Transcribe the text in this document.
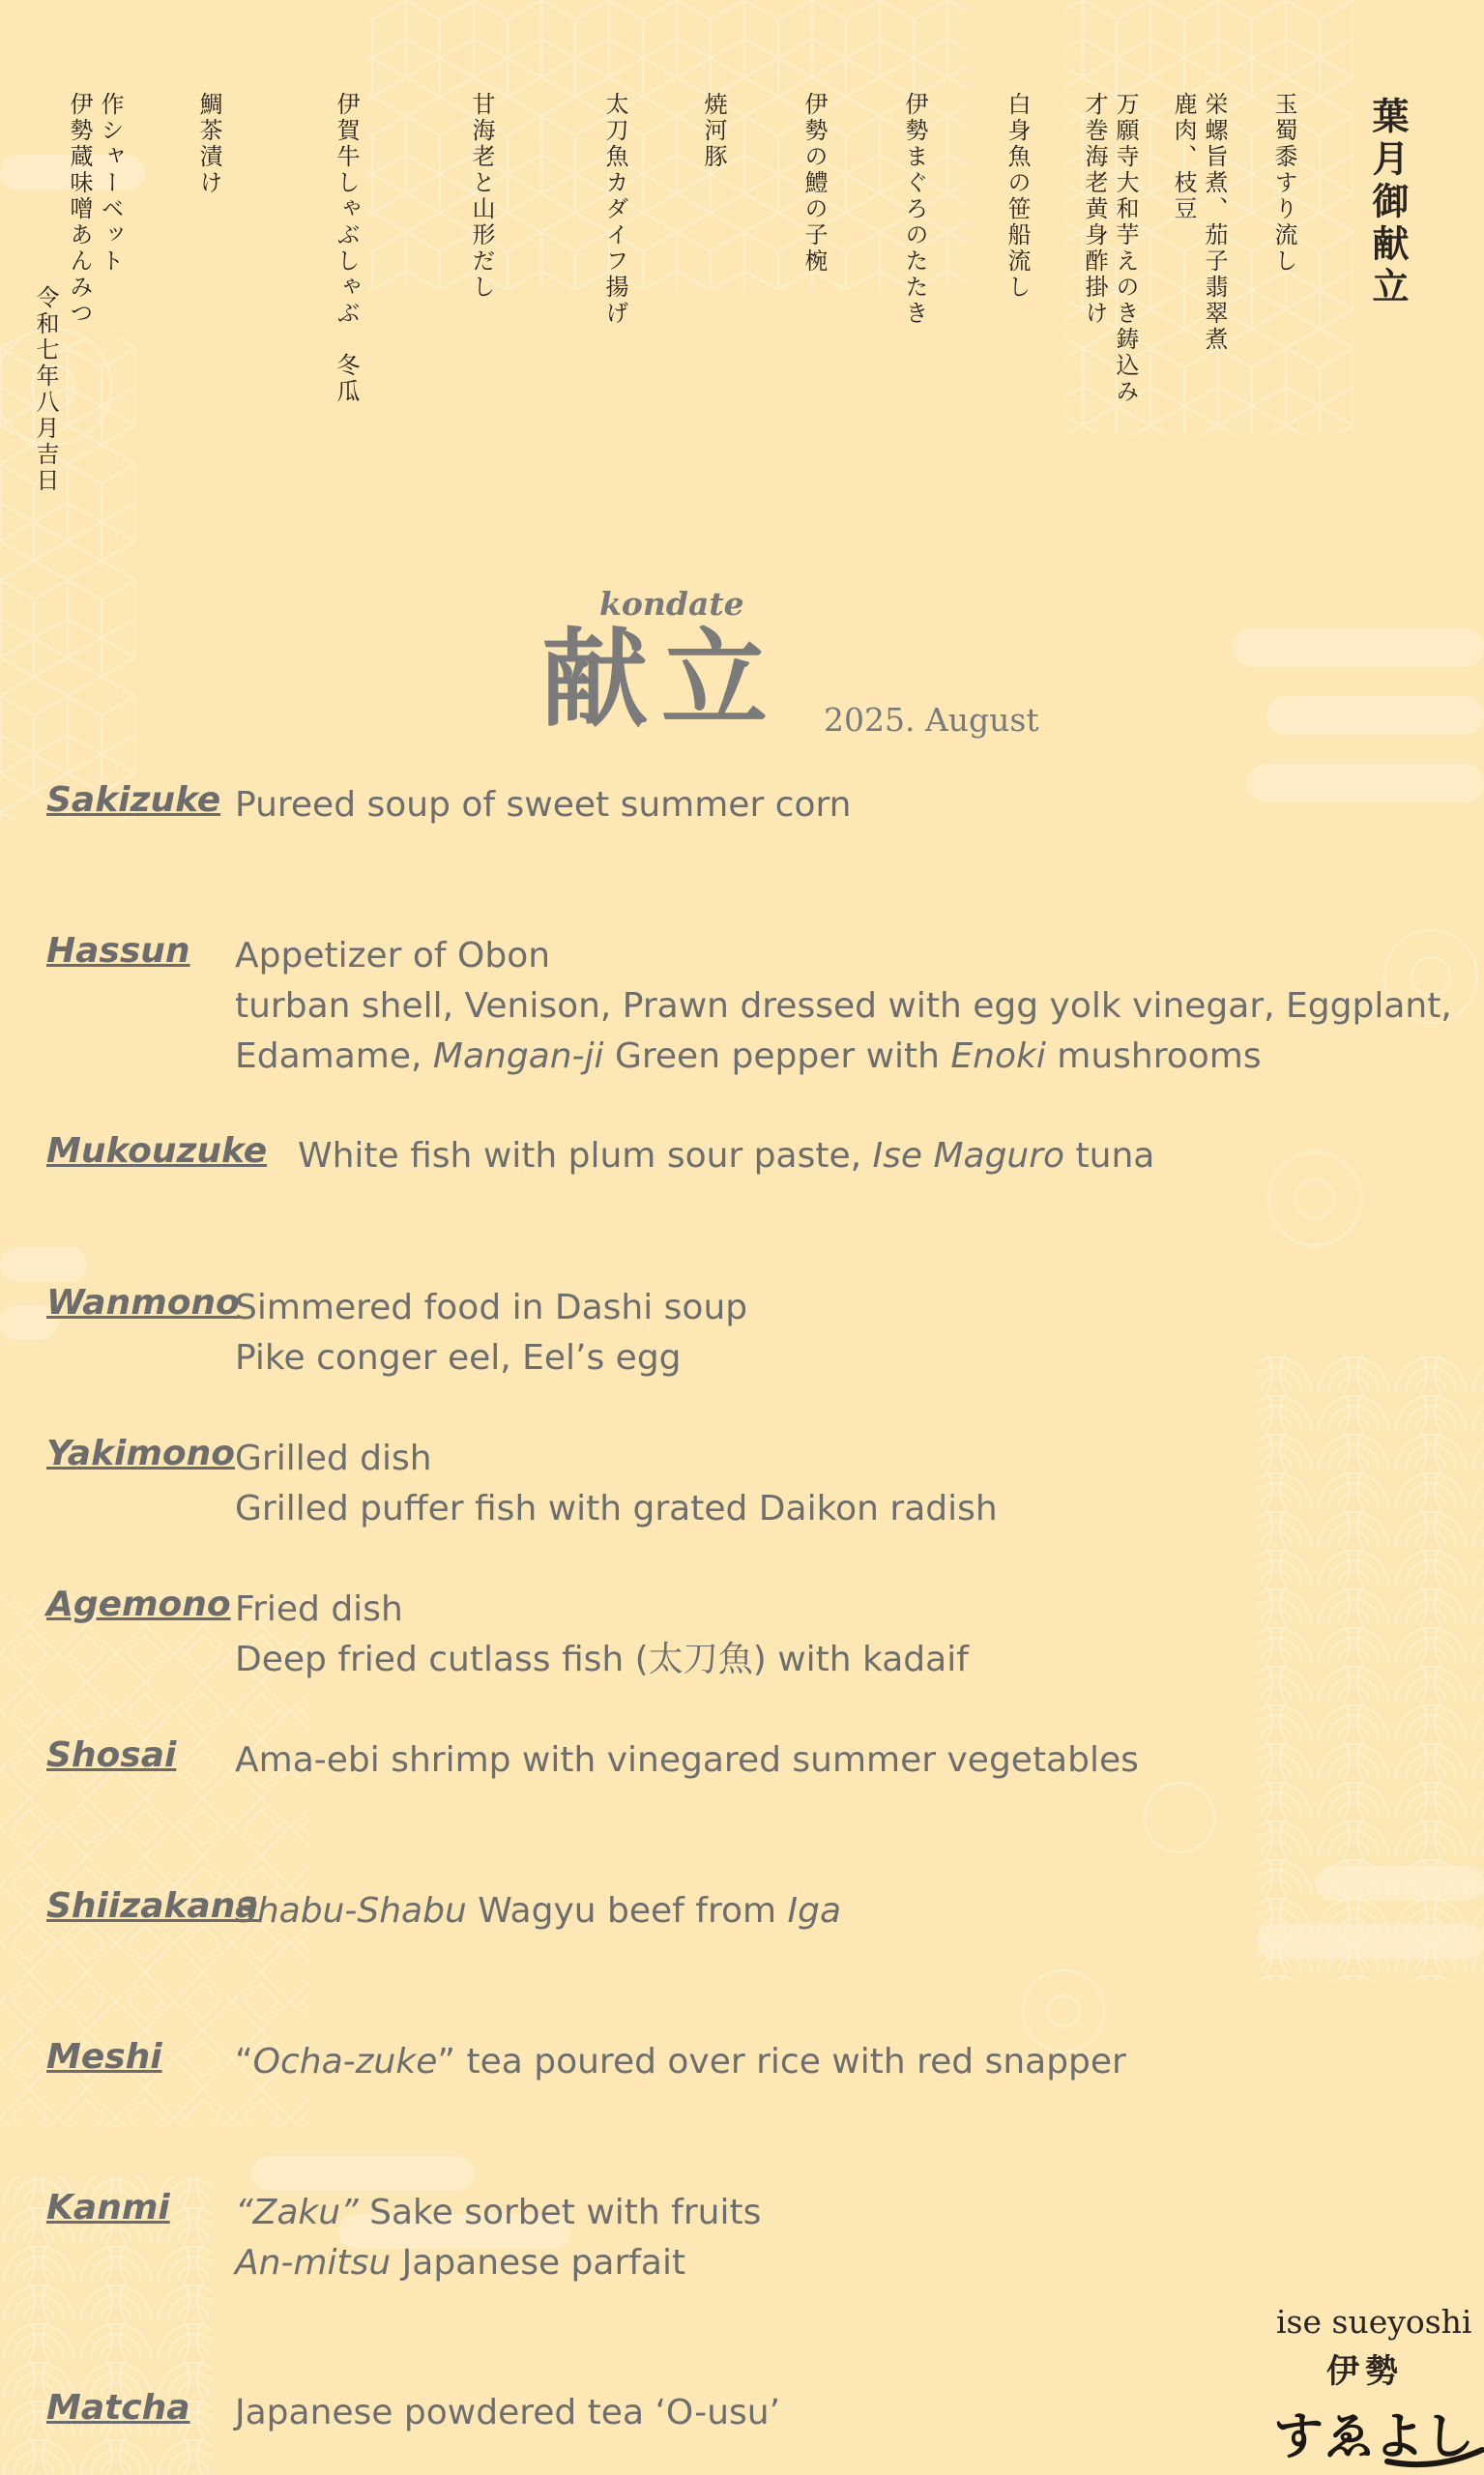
葉月御献立

玉蜀黍すり流し

栄螺旨煮、茄子翡翠煮

鹿肉、枝豆

万願寺大和芋えのき鋳込み

才巻海老黄身酢掛け

白身魚の笹船流し

伊勢まぐろのたたき

伊勢の鱧の子椀

焼河豚

太刀魚カダイフ揚げ

甘海老と山形だし

伊賀牛しゃぶしゃぶ　冬瓜

鯛茶漬け

作シャーベット

伊勢蔵味噌あんみつ

令和七年八月吉日
kondate
献立 2025. August
Sakizuke Pureed soup of sweet summer corn
Hassun Appetizer of Obon
turban shell, Venison, Prawn dressed with egg yolk vinegar, Eggplant,
Edamame, Mangan-ji Green pepper with Enoki mushrooms
Mukouzuke White fish with plum sour paste, Ise Maguro tuna
Wanmono
Simmered food in Dashi soup
Pike conger eel, Eel’s egg
Yakimono Grilled dish
Grilled puffer fish with grated Daikon radish
Agemono Fried dish
Deep fried cutlass fish (太刀魚) with kadaif
Shosai Ama-ebi shrimp with vinegared summer vegetables
Shiizakana
Shabu-Shabu Wagyu beef from Iga
Meshi “Ocha-zuke” tea poured over rice with red snapper
Kanmi “Zaku” Sake sorbet with fruits
An-mitsu Japanese parfait
Matcha Japanese powdered tea ‘O-usu’
ise sueyoshi
伊勢
すゑよし
